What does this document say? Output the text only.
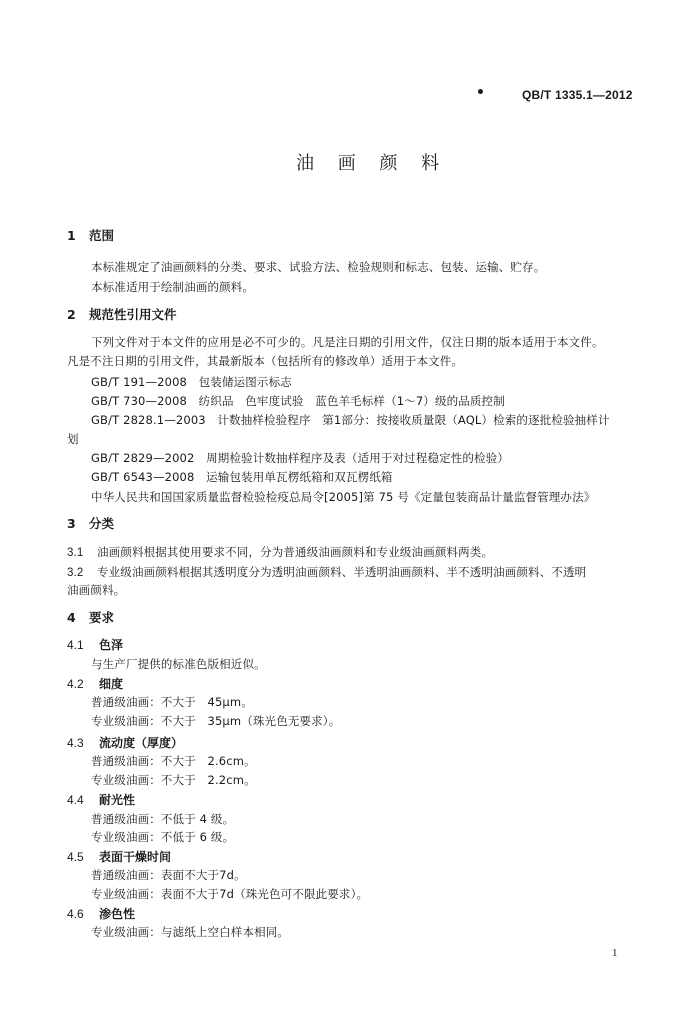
•	QB/T 1335.1—2012
油 画 颜 料
1 范围
本标准规定了油画颜料的分类、要求、试验方法、检验规则和标志、包装、运输、贮存。
本标准适用于绘制油画的颜料。
2 规范性引用文件
下列文件对于本文件的应用是必不可少的。凡是注日期的引用文件，仅注日期的版本适用于本文件。
凡是不注日期的引用文件，其最新版本（包括所有的修改单）适用于本文件。
GB/T 191—2008　包装储运图示标志
GB/T 730—2008　纺织品　色牢度试验　蓝色羊毛标样（1～7）级的品质控制
GB/T 2828.1—2003　计数抽样检验程序　第1部分：按接收质量限（AQL）检索的逐批检验抽样计
划
GB/T 2829—2002　周期检验计数抽样程序及表（适用于对过程稳定性的检验）
GB/T 6543—2008　运输包装用单瓦楞纸箱和双瓦楞纸箱
中华人民共和国国家质量监督检验检疫总局令[2005]第 75 号《定量包装商品计量监督管理办法》
3 分类
3.1 油画颜料根据其使用要求不同，分为普通级油画颜料和专业级油画颜料两类。
3.2 专业级油画颜料根据其透明度分为透明油画颜料、半透明油画颜料、半不透明油画颜料、不透明
油画颜料。
4 要求
4.1 色泽
与生产厂提供的标准色版相近似。
4.2 细度
普通级油画：不大于　45μm。
专业级油画：不大于　35μm（珠光色无要求）。
4.3 流动度（厚度）
普通级油画：不大于　2.6cm。
专业级油画：不大于　2.2cm。
4.4 耐光性
普通级油画：不低于 4 级。
专业级油画：不低于 6 级。
4.5 表面干燥时间
普通级油画：表面不大于7d。
专业级油画：表面不大于7d（珠光色可不限此要求）。
4.6 渗色性
专业级油画：与滤纸上空白样本相同。
1
